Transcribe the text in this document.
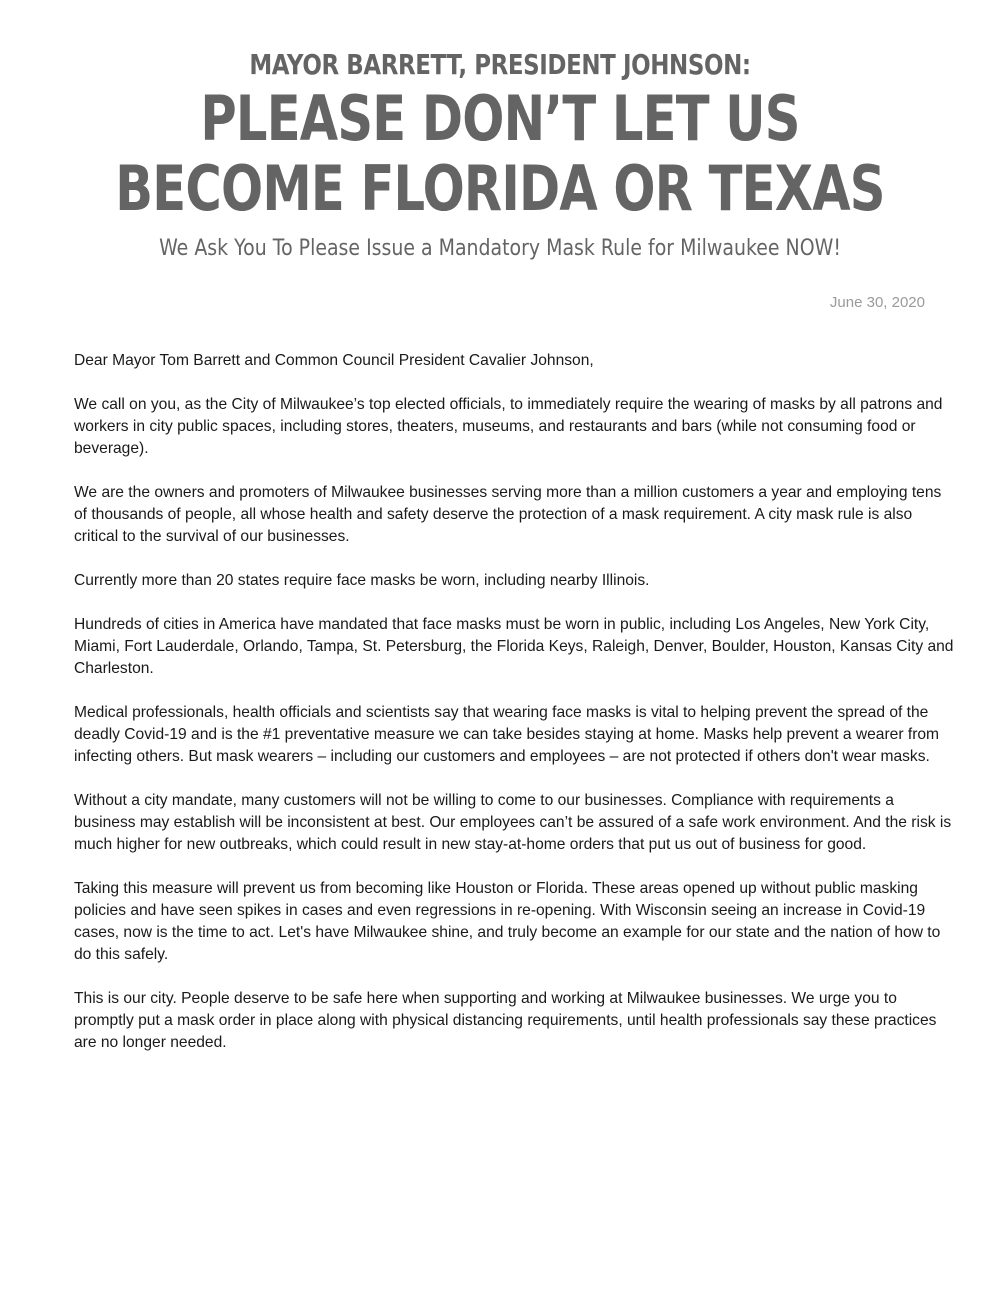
MAYOR BARRETT, PRESIDENT JOHNSON:
PLEASE DON’T LET US
BECOME FLORIDA OR TEXAS
We Ask You To Please Issue a Mandatory Mask Rule for Milwaukee NOW!
June 30, 2020

Dear Mayor Tom Barrett and Common Council President Cavalier Johnson,

We call on you, as the City of Milwaukee’s top elected officials, to immediately require the wearing of masks by all patrons and workers in city public spaces, including stores, theaters, museums, and restaurants and bars (while not consuming food or beverage).

We are the owners and promoters of Milwaukee businesses serving more than a million customers a year and employing tens of thousands of people, all whose health and safety deserve the protection of a mask requirement. A city mask rule is also critical to the survival of our businesses.

Currently more than 20 states require face masks be worn, including nearby Illinois.

Hundreds of cities in America have mandated that face masks must be worn in public, including Los Angeles, New York City, Miami, Fort Lauderdale, Orlando, Tampa, St. Petersburg, the Florida Keys, Raleigh, Denver, Boulder, Houston, Kansas City and Charleston.

Medical professionals, health officials and scientists say that wearing face masks is vital to helping prevent the spread of the deadly Covid-19 and is the #1 preventative measure we can take besides staying at home. Masks help prevent a wearer from infecting others. But mask wearers – including our customers and employees – are not protected if others don't wear masks.

Without a city mandate, many customers will not be willing to come to our businesses. Compliance with requirements a business may establish will be inconsistent at best. Our employees can’t be assured of a safe work environment. And the risk is much higher for new outbreaks, which could result in new stay-at-home orders that put us out of business for good.

Taking this measure will prevent us from becoming like Houston or Florida. These areas opened up without public masking policies and have seen spikes in cases and even regressions in re-opening. With Wisconsin seeing an increase in Covid-19 cases, now is the time to act. Let's have Milwaukee shine, and truly become an example for our state and the nation of how to do this safely.

This is our city. People deserve to be safe here when supporting and working at Milwaukee businesses. We urge you to promptly put a mask order in place along with physical distancing requirements, until health professionals say these practices are no longer needed.
